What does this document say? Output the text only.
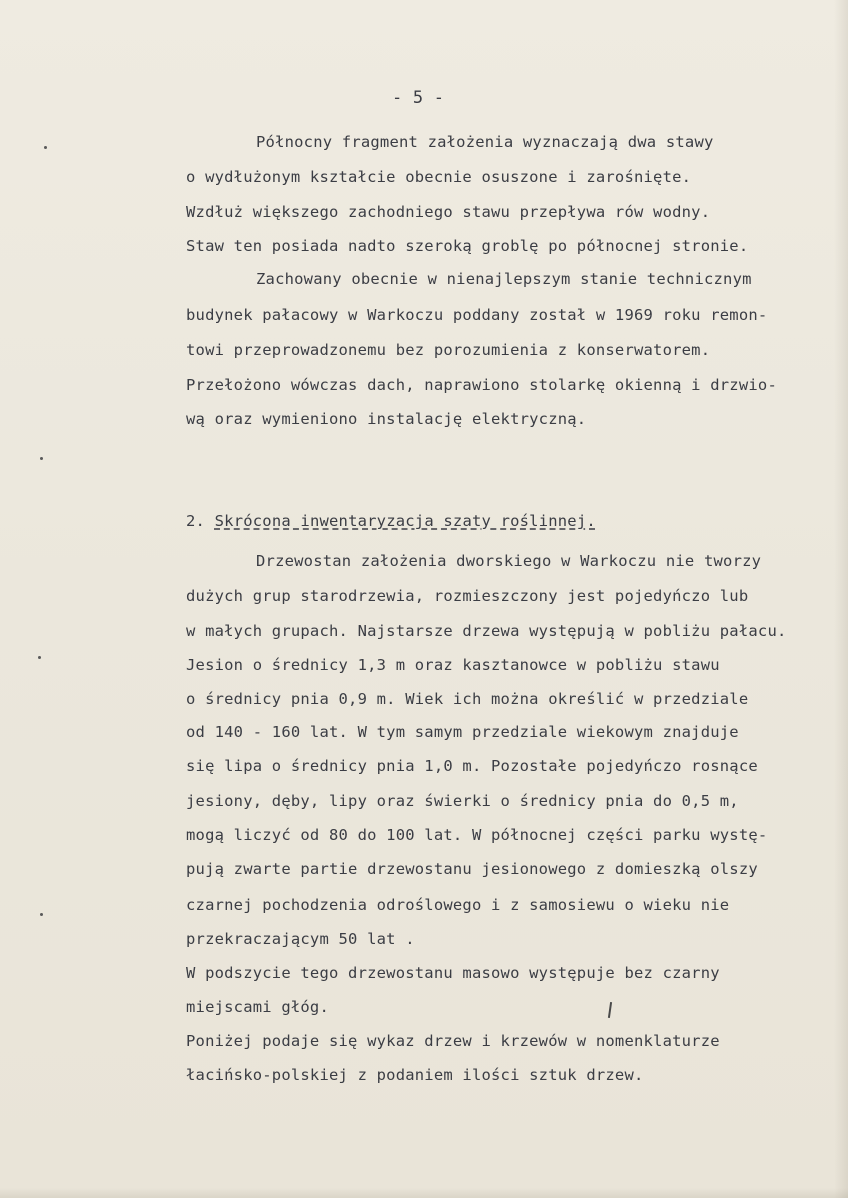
- 5 -
Północny fragment założenia wyznaczają dwa stawy
o wydłużonym kształcie obecnie osuszone i zarośnięte.
Wzdłuż większego zachodniego stawu przepływa rów wodny.
Staw ten posiada nadto szeroką groblę po północnej stronie.
Zachowany obecnie w nienajlepszym stanie technicznym
budynek pałacowy w Warkoczu poddany został w 1969 roku remon-
towi przeprowadzonemu bez porozumienia z konserwatorem.
Przełożono wówczas dach, naprawiono stolarkę okienną i drzwio-
wą oraz wymieniono instalację elektryczną.
2. Skrócona inwentaryzacja szaty roślinnej.
Drzewostan założenia dworskiego w Warkoczu nie tworzy
dużych grup starodrzewia, rozmieszczony jest pojedyńczo lub
w małych grupach. Najstarsze drzewa występują w pobliżu pałacu.
Jesion o średnicy 1,3 m oraz kasztanowce w pobliżu stawu
o średnicy pnia 0,9 m. Wiek ich można określić w przedziale
od 140 - 160 lat. W tym samym przedziale wiekowym znajduje
się lipa o średnicy pnia 1,0 m. Pozostałe pojedyńczo rosnące
jesiony, dęby, lipy oraz świerki o średnicy pnia do 0,5 m,
mogą liczyć od 80 do 100 lat. W północnej części parku wystę-
pują zwarte partie drzewostanu jesionowego z domieszką olszy
czarnej pochodzenia odroślowego i z samosiewu o wieku nie
przekraczającym 50 lat .
W podszycie tego drzewostanu masowo występuje bez czarny
miejscami głóg.
Poniżej podaje się wykaz drzew i krzewów w nomenklaturze
łacińsko-polskiej z podaniem ilości sztuk drzew.
